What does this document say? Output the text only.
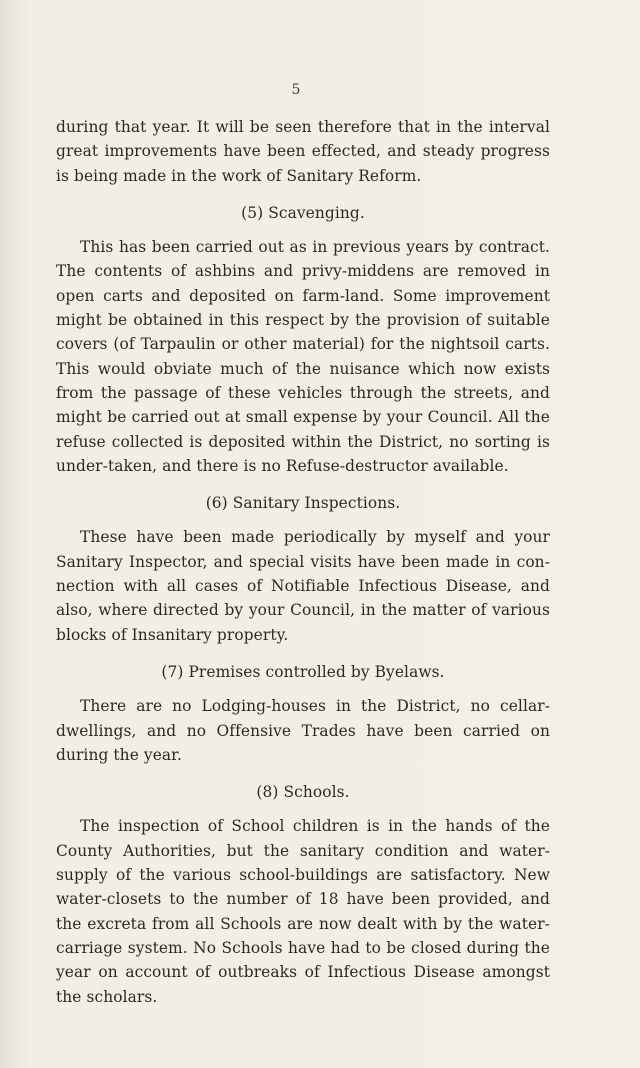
5

during that year. It will be seen therefore that in the interval great improvements have been effected, and steady progress is being made in the work of Sanitary Reform.

(5) Scavenging.

This has been carried out as in previous years by contract. The contents of ashbins and privy-middens are removed in open carts and deposited on farm-land. Some improvement might be obtained in this respect by the provision of suitable covers (of Tarpaulin or other material) for the nightsoil carts. This would obviate much of the nuisance which now exists from the passage of these vehicles through the streets, and might be carried out at small expense by your Council. All the refuse collected is deposited within the District, no sorting is under-taken, and there is no Refuse-destructor available.

(6) Sanitary Inspections.

These have been made periodically by myself and your Sanitary Inspector, and special visits have been made in con-nection with all cases of Notifiable Infectious Disease, and also, where directed by your Council, in the matter of various blocks of Insanitary property.

(7) Premises controlled by Byelaws.

There are no Lodging-houses in the District, no cellar-dwellings, and no Offensive Trades have been carried on during the year.

(8) Schools.

The inspection of School children is in the hands of the County Authorities, but the sanitary condition and water-supply of the various school-buildings are satisfactory. New water-closets to the number of 18 have been provided, and the excreta from all Schools are now dealt with by the water-carriage system. No Schools have had to be closed during the year on account of outbreaks of Infectious Disease amongst the scholars.
